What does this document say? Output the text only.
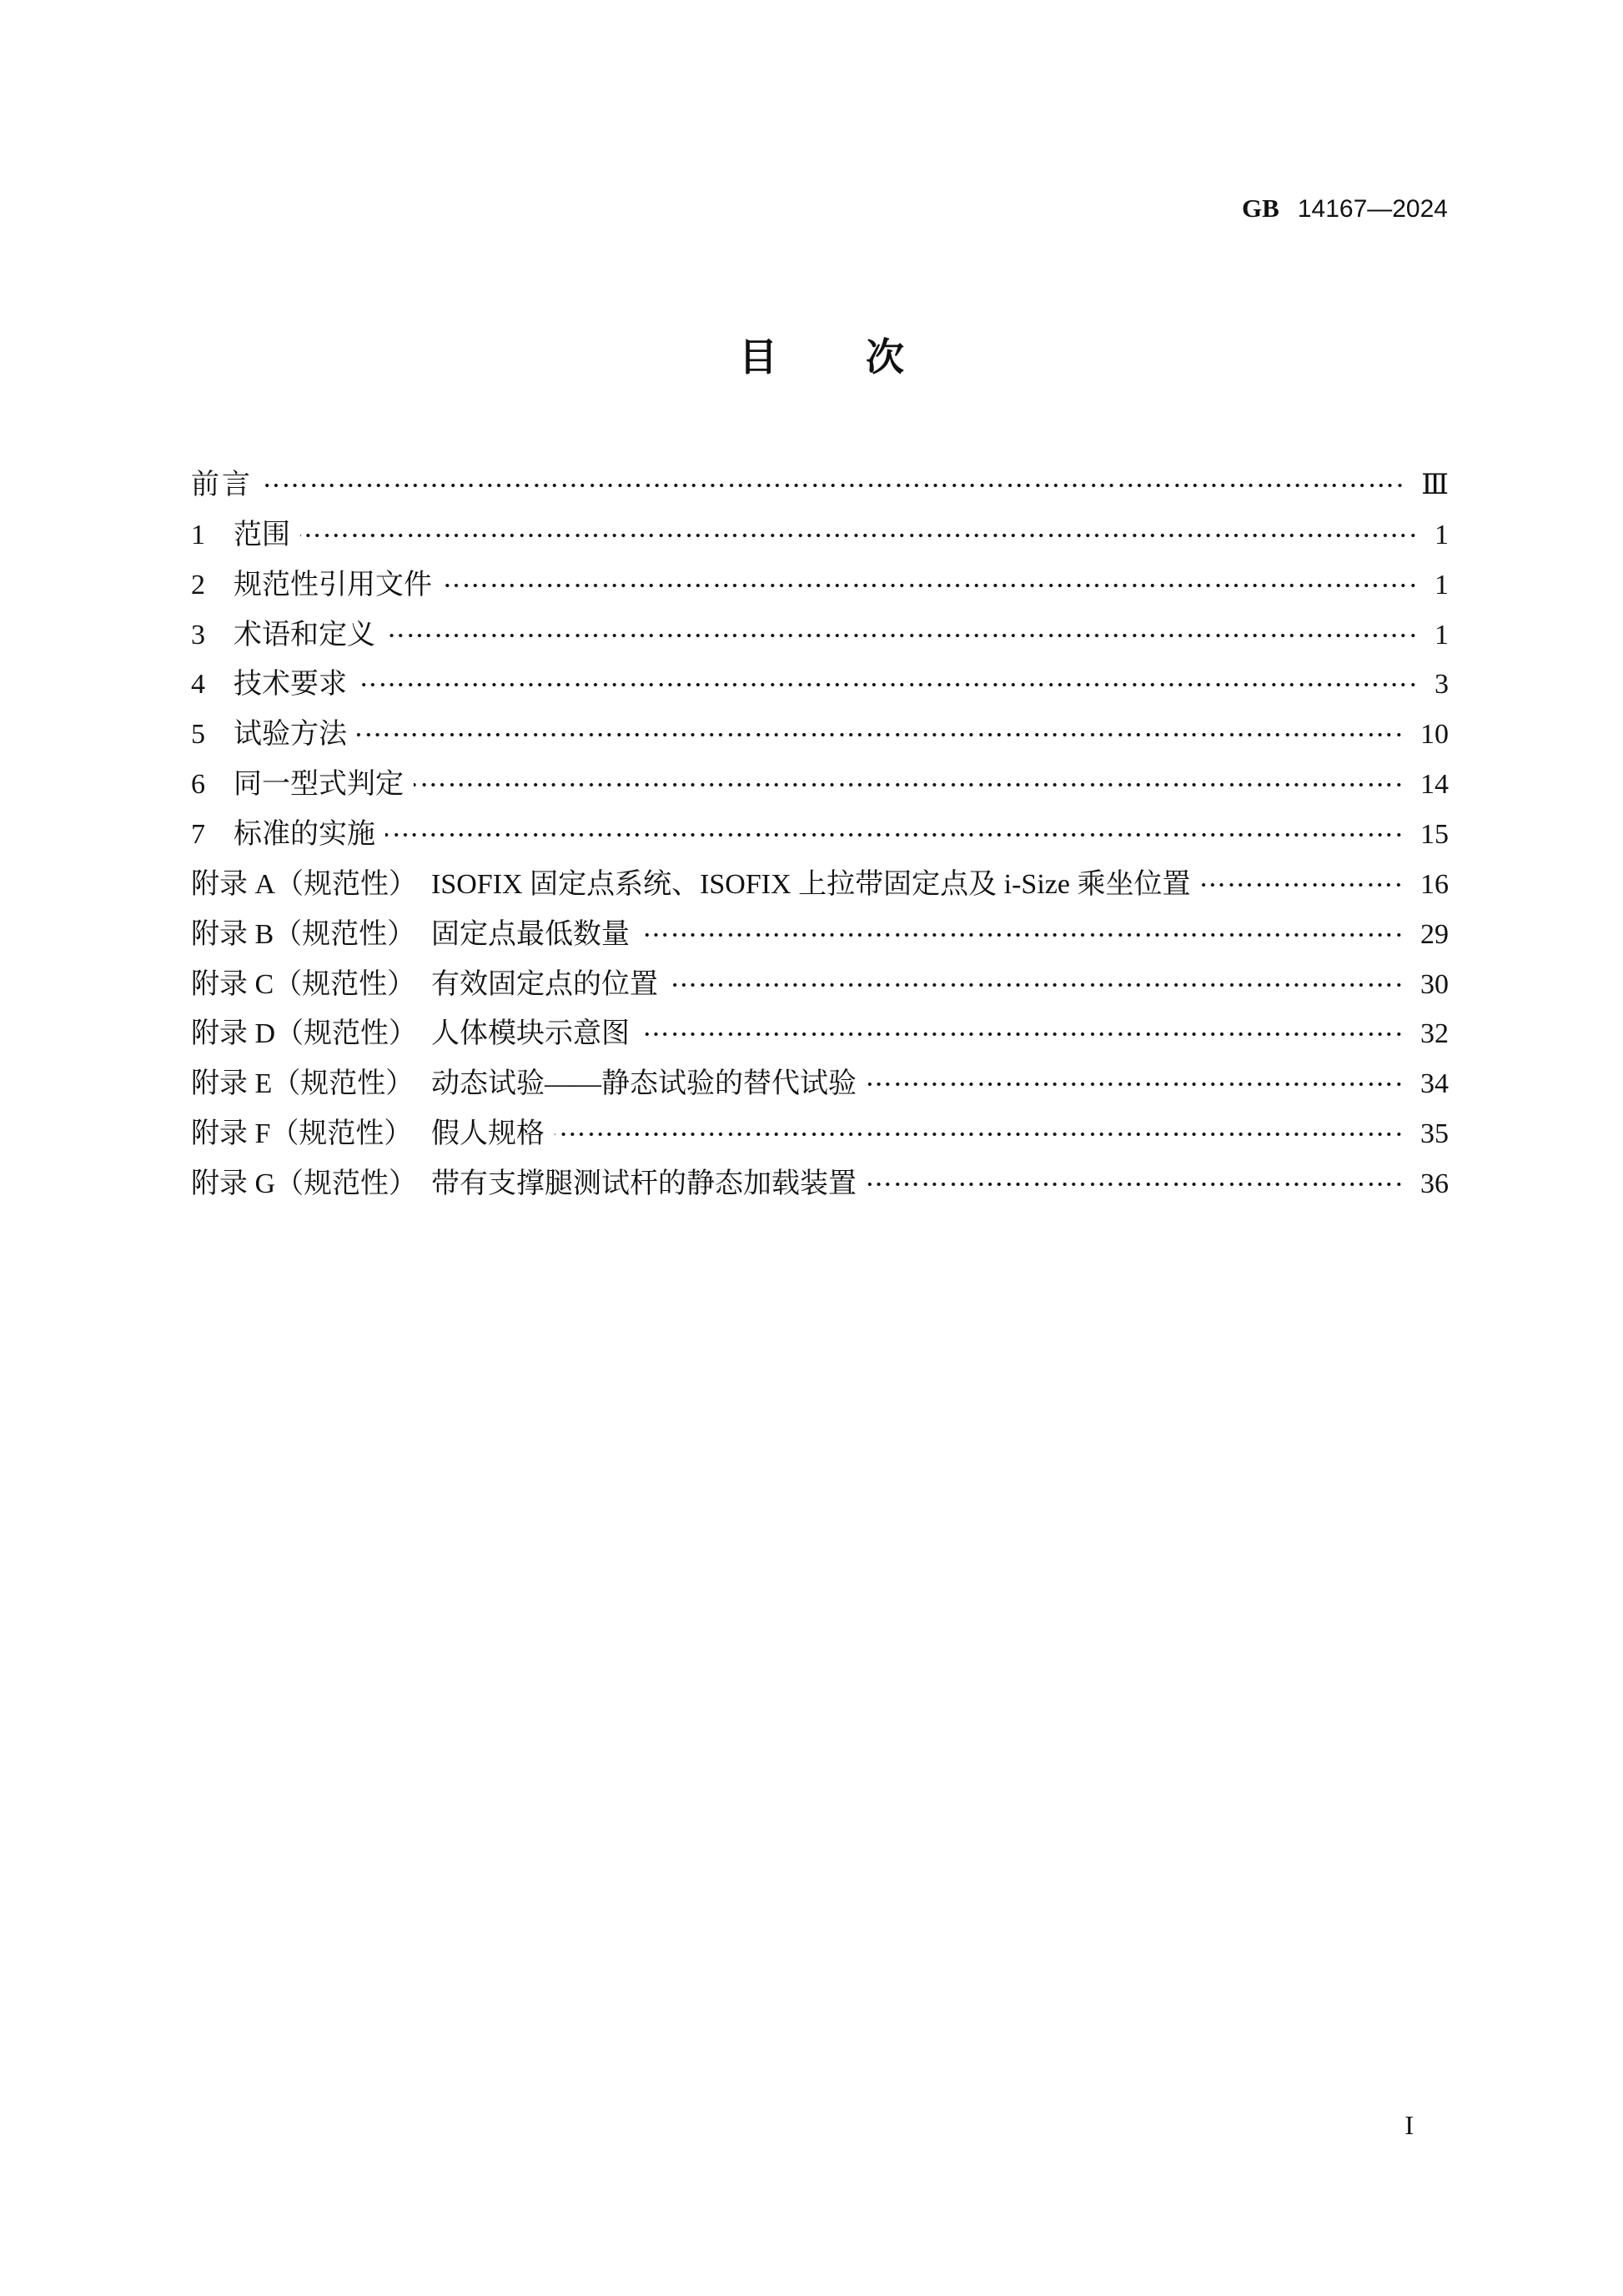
GB 14167—2024
目 次
前言	Ⅲ
1	范围	1
2	规范性引用文件	1
3	术语和定义	1
4	技术要求	3
5	试验方法	10
6	同一型式判定	14
7	标准的实施	15
附录 A（规范性） ISOFIX 固定点系统、ISOFIX 上拉带固定点及 i-Size 乘坐位置	16
附录 B（规范性） 固定点最低数量	29
附录 C（规范性） 有效固定点的位置	30
附录 D（规范性） 人体模块示意图	32
附录 E（规范性） 动态试验——静态试验的替代试验	34
附录 F（规范性） 假人规格	35
附录 G（规范性） 带有支撑腿测试杆的静态加载装置	36
I
